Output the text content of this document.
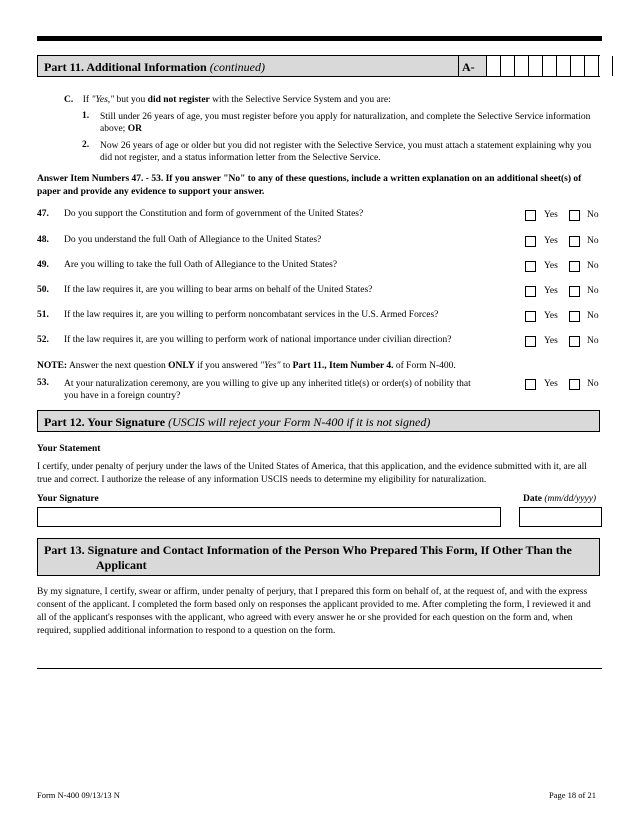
Part 11. Additional Information (continued)	A-
C. If "Yes," but you did not register with the Selective Service System and you are:
1. Still under 26 years of age, you must register before you apply for naturalization, and complete the Selective Service information above; OR
2. Now 26 years of age or older but you did not register with the Selective Service, you must attach a statement explaining why you did not register, and a status information letter from the Selective Service.
Answer Item Numbers 47. - 53. If you answer "No" to any of these questions, include a written explanation on an additional sheet(s) of paper and provide any evidence to support your answer.
47. Do you support the Constitution and form of government of the United States?	Yes	No
48. Do you understand the full Oath of Allegiance to the United States?	Yes	No
49. Are you willing to take the full Oath of Allegiance to the United States?	Yes	No
50. If the law requires it, are you willing to bear arms on behalf of the United States?	Yes	No
51. If the law requires it, are you willing to perform noncombatant services in the U.S. Armed Forces?	Yes	No
52. If the law requires it, are you willing to perform work of national importance under civilian direction?	Yes	No
NOTE: Answer the next question ONLY if you answered "Yes" to Part 11., Item Number 4. of Form N-400.
53. At your naturalization ceremony, are you willing to give up any inherited title(s) or order(s) of nobility that
you have in a foreign country?
Yes	No
Part 12. Your Signature (USCIS will reject your Form N-400 if it is not signed)
Your Statement
I certify, under penalty of perjury under the laws of the United States of America, that this application, and the evidence submitted with it, are all true and correct. I authorize the release of any information USCIS needs to determine my eligibility for naturalization.
Your Signature	Date (mm/dd/yyyy)
Part 13. Signature and Contact Information of the Person Who Prepared This Form, If Other Than the
Applicant
By my signature, I certify, swear or affirm, under penalty of perjury, that I prepared this form on behalf of, at the request of, and with the express consent of the applicant. I completed the form based only on responses the applicant provided to me. After completing the form, I reviewed it and all of the applicant's responses with the applicant, who agreed with every answer he or she provided for each question on the form and, when required, supplied additional information to respond to a question on the form.
Form N-400 09/13/13 N	Page 18 of 21
